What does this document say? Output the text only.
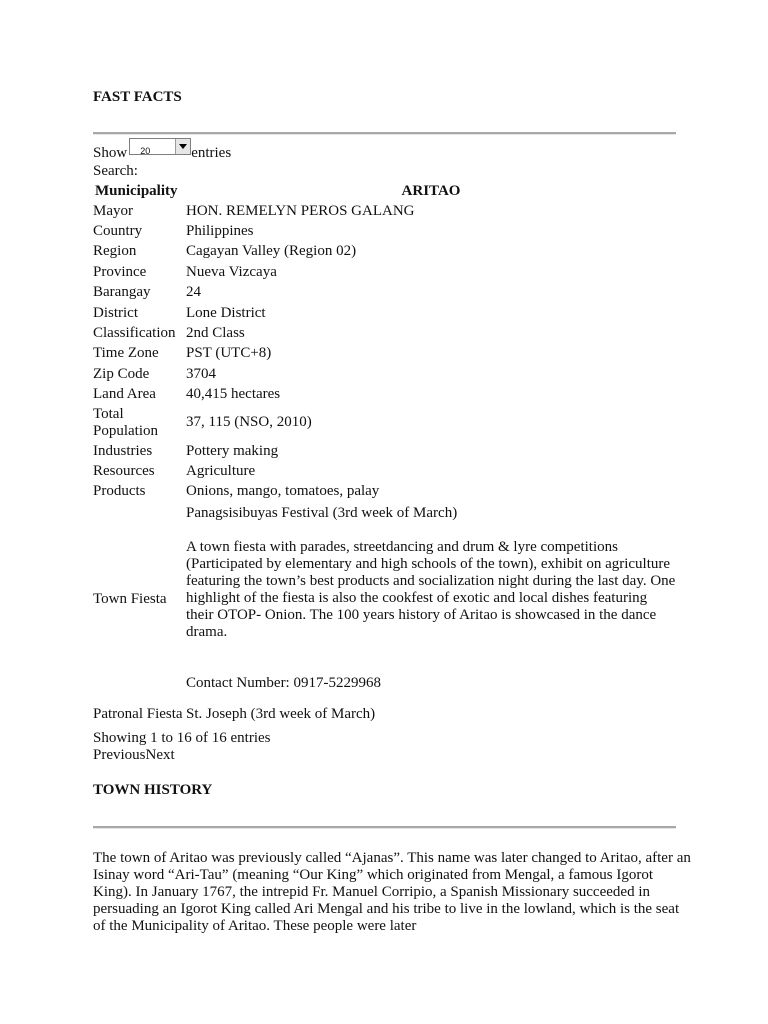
FAST FACTS
Show 20	entries
Search:
Municipality	ARITAO
Mayor	HON. REMELYN PEROS GALANG
Country	Philippines
Region	Cagayan Valley (Region 02)
Province	Nueva Vizcaya
Barangay	24
District	Lone District
Classification	2nd Class
Time Zone	PST (UTC+8)
Zip Code	3704
Land Area	40,415 hectares
Total Population	37, 115 (NSO, 2010)
Industries	Pottery making
Resources	Agriculture
Products	Onions, mango, tomatoes, palay
Town Fiesta	Panagsisibuyas Festival (3rd week of March)
A town fiesta with parades, streetdancing and drum & lyre competitions (Participated by elementary and high schools of the town), exhibit on agriculture featuring the town’s best products and socialization night during the last day. One highlight of the fiesta is also the cookfest of exotic and local dishes featuring their OTOP- Onion. The 100 years history of Aritao is showcased in the dance drama.
Contact Number: 0917-5229968

Patronal Fiesta	St. Joseph (3rd week of March)
Showing 1 to 16 of 16 entries
PreviousNext
TOWN HISTORY
The town of Aritao was previously called “Ajanas”. This name was later changed to Aritao, after an Isinay word “Ari-Tau” (meaning “Our King” which originated from Mengal, a famous Igorot King). In January 1767, the intrepid Fr. Manuel Corripio, a Spanish Missionary succeeded in persuading an Igorot King called Ari Mengal and his tribe to live in the lowland, which is the seat of the Municipality of Aritao. These people were later
